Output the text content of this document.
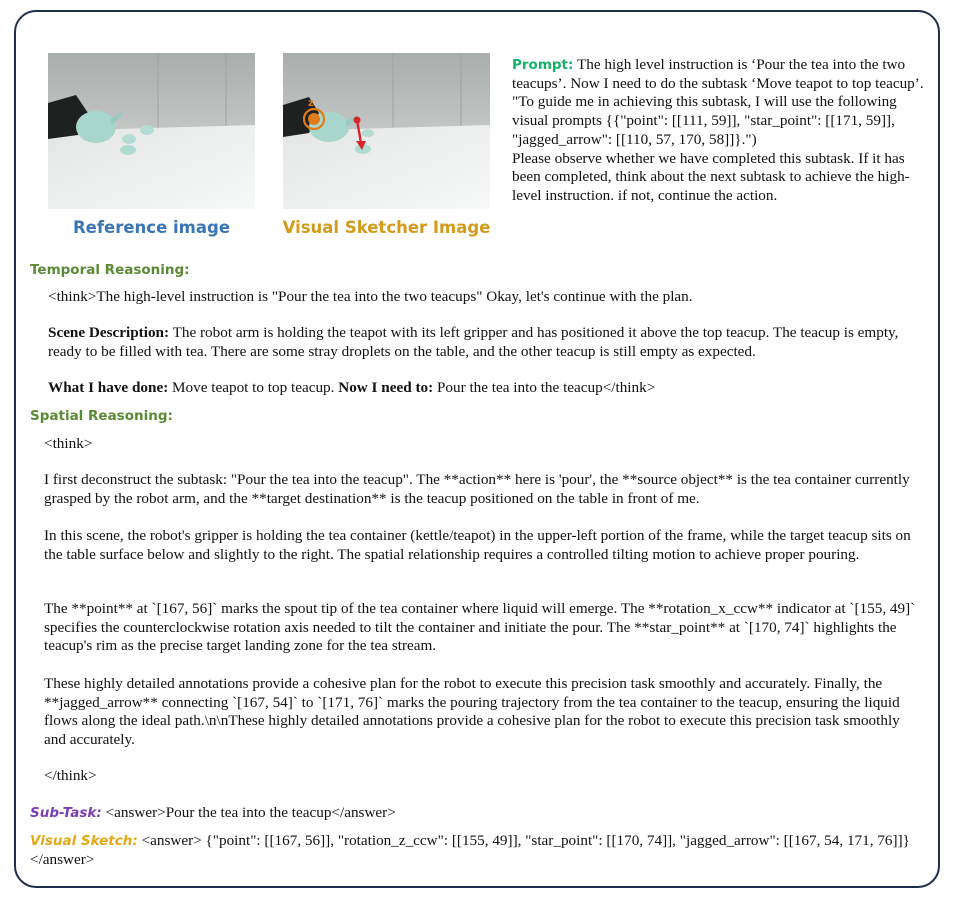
z
Reference image	Visual Sketcher Image
Prompt: The high level instruction is ‘Pour the tea into the two teacups’. Now I need to do the subtask ‘Move teapot to top teacup’. "To guide me in achieving this subtask, I will use the following visual prompts {{"point": [[111, 59]], "star_point": [[171, 59]], "jagged_arrow": [[110, 57, 170, 58]]}.")
Please observe whether we have completed this subtask. If it has been completed, think about the next subtask to achieve the high-level instruction. if not, continue the action.
Temporal Reasoning:
<think>The high-level instruction is "Pour the tea into the two teacups" Okay, let's continue with the plan.
Scene Description: The robot arm is holding the teapot with its left gripper and has positioned it above the top teacup. The teacup is empty, ready to be filled with tea. There are some stray droplets on the table, and the other teacup is still empty as expected.
What I have done: Move teapot to top teacup. Now I need to: Pour the tea into the teacup</think>
Spatial Reasoning:
<think>
I first deconstruct the subtask: "Pour the tea into the teacup". The **action** here is 'pour', the **source object** is the tea container currently grasped by the robot arm, and the **target destination** is the teacup positioned on the table in front of me.
In this scene, the robot's gripper is holding the tea container (kettle/teapot) in the upper-left portion of the frame, while the target teacup sits on the table surface below and slightly to the right. The spatial relationship requires a controlled tilting motion to achieve proper pouring.
The **point** at `[167, 56]` marks the spout tip of the tea container where liquid will emerge. The **rotation_x_ccw** indicator at `[155, 49]` specifies the counterclockwise rotation axis needed to tilt the container and initiate the pour. The **star_point** at `[170, 74]` highlights the teacup's rim as the precise target landing zone for the tea stream.
These highly detailed annotations provide a cohesive plan for the robot to execute this precision task smoothly and accurately. Finally, the **jagged_arrow** connecting `[167, 54]` to `[171, 76]` marks the pouring trajectory from the tea container to the teacup, ensuring the liquid flows along the ideal path.\n\nThese highly detailed annotations provide a cohesive plan for the robot to execute this precision task smoothly and accurately.
</think>
Sub-Task: <answer>Pour the tea into the teacup</answer>
Visual Sketch: <answer> {"point": [[167, 56]], "rotation_z_ccw": [[155, 49]], "star_point": [[170, 74]], "jagged_arrow": [[167, 54, 171, 76]]} </answer>
